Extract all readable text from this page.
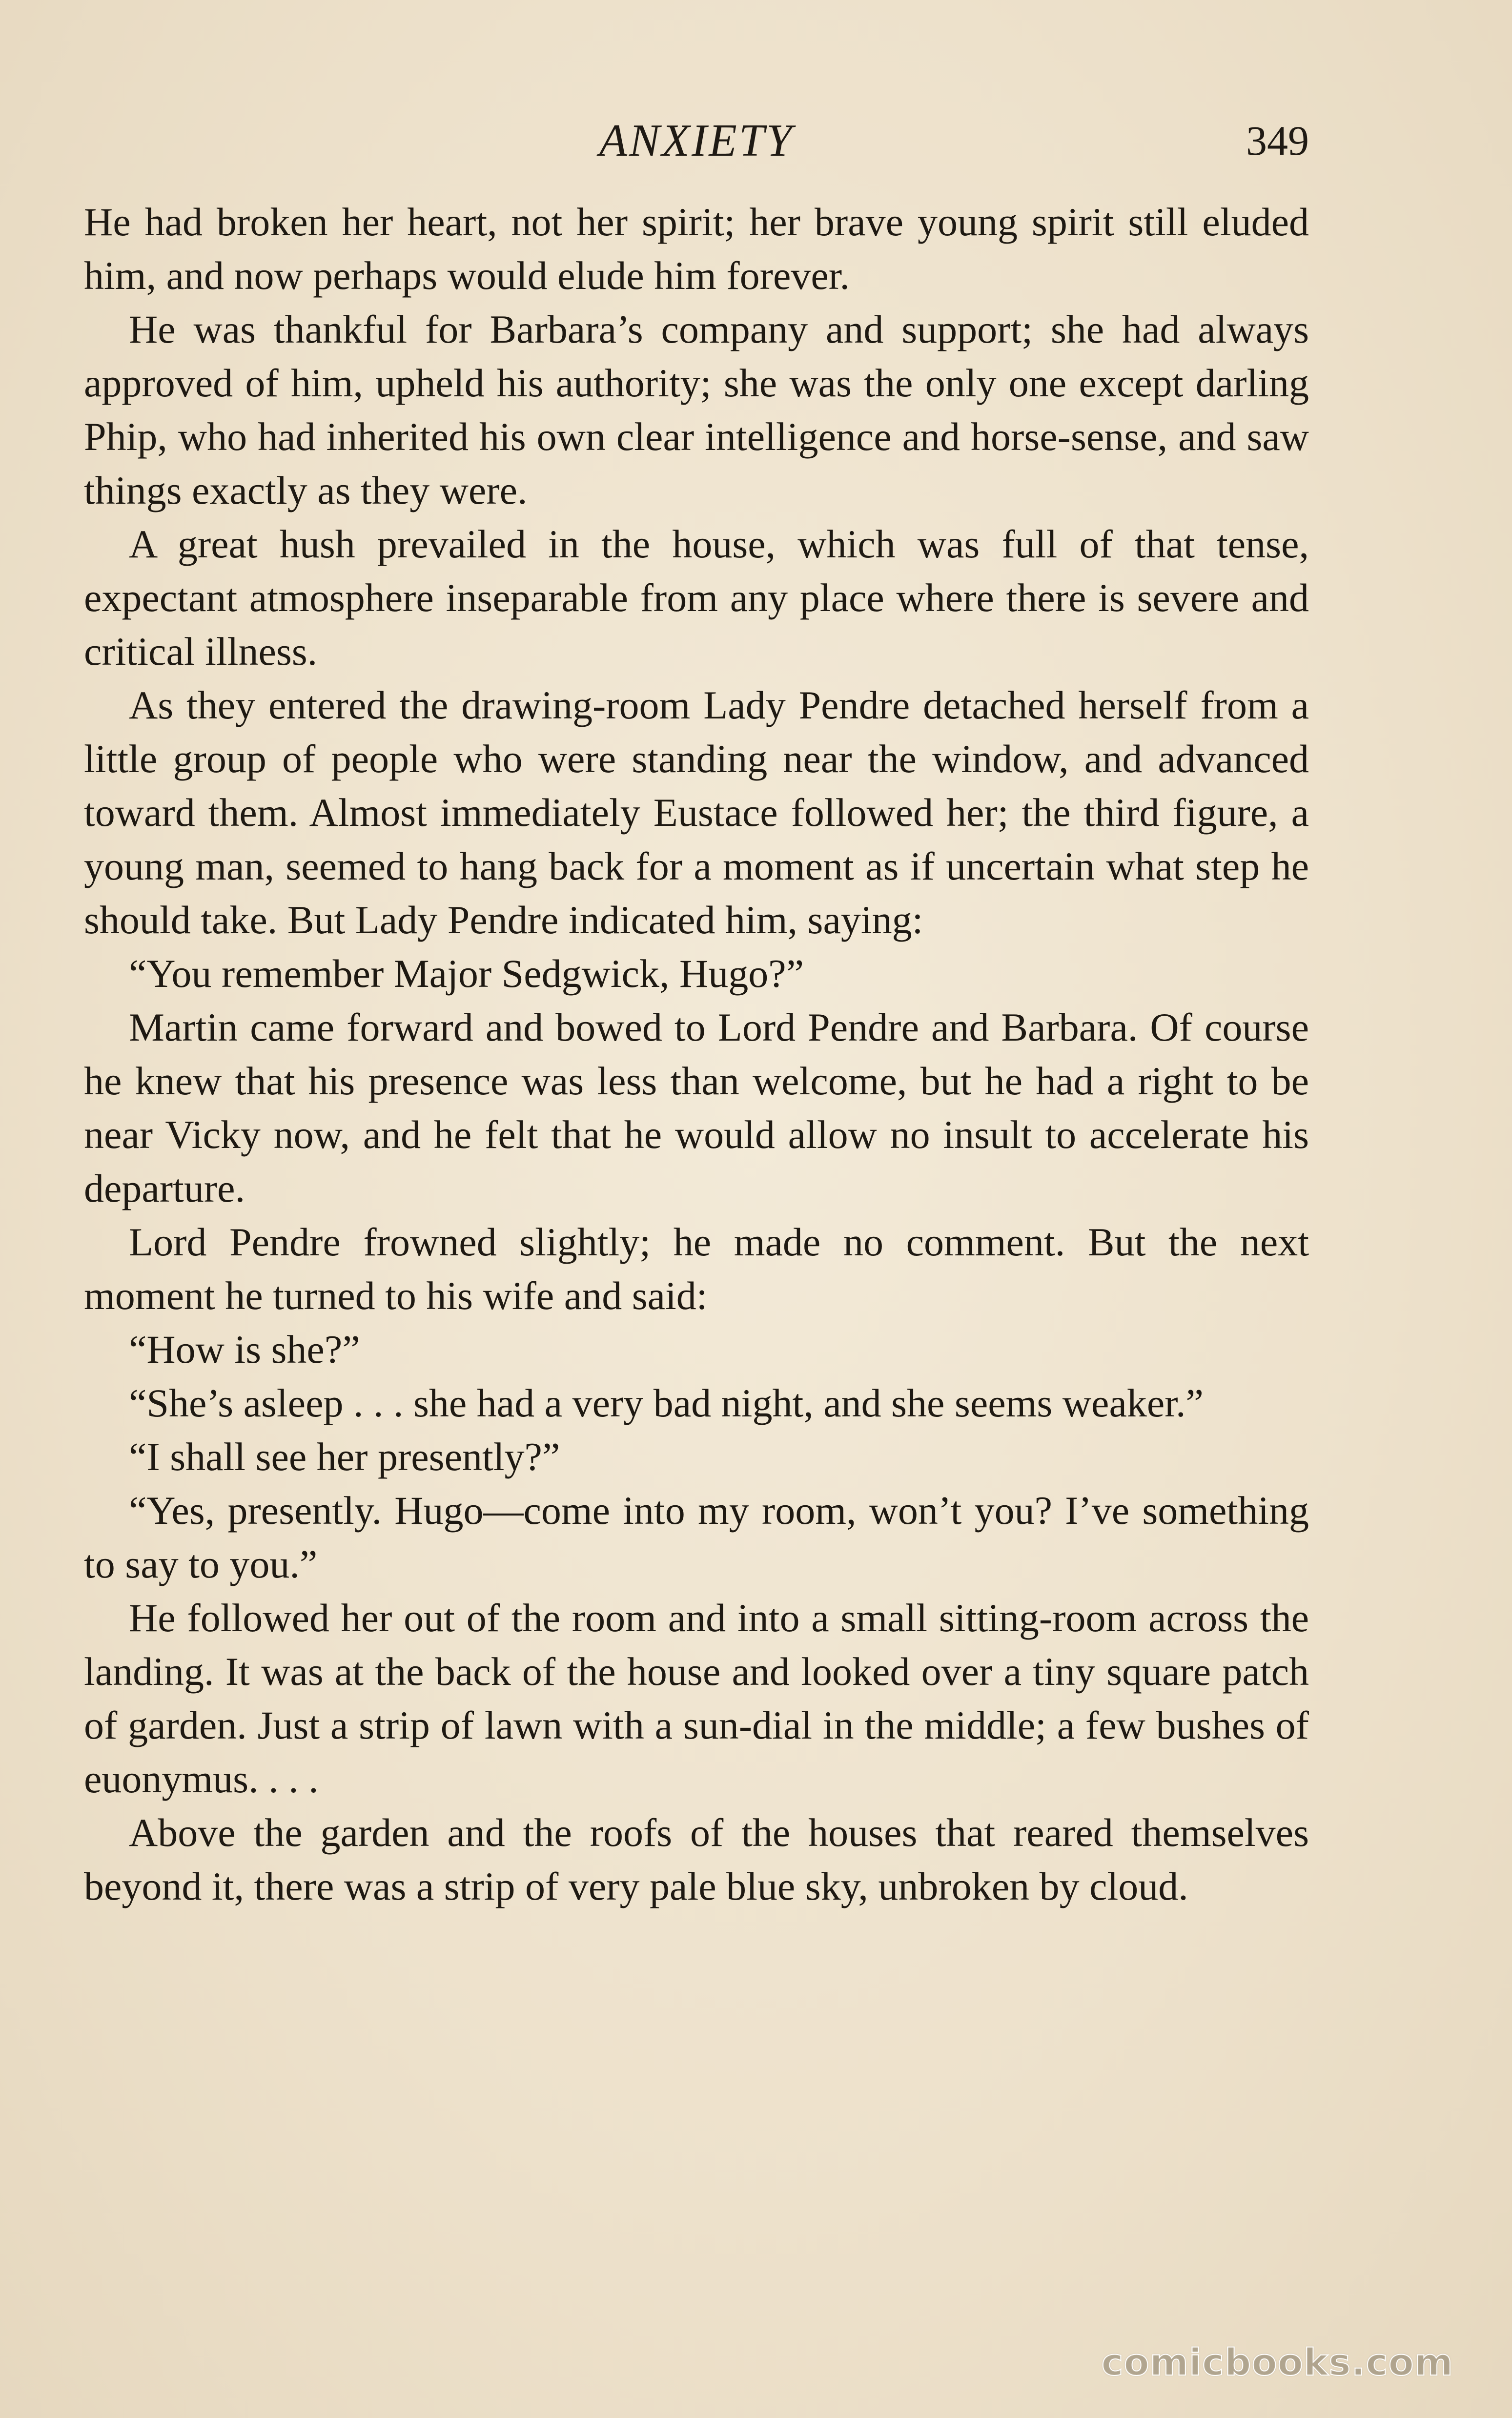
ANXIETY	349

He had broken her heart, not her spirit; her brave young spirit still eluded him, and now perhaps would elude him forever.

He was thankful for Barbara’s company and support; she had always approved of him, upheld his authority; she was the only one except darling Phip, who had inherited his own clear intelligence and horse-sense, and saw things exactly as they were.

A great hush prevailed in the house, which was full of that tense, expectant atmosphere inseparable from any place where there is severe and critical illness.

As they entered the drawing-room Lady Pendre detached herself from a little group of people who were standing near the window, and advanced toward them. Almost immediately Eustace followed her; the third figure, a young man, seemed to hang back for a moment as if uncertain what step he should take. But Lady Pendre indicated him, saying:

“You remember Major Sedgwick, Hugo?”

Martin came forward and bowed to Lord Pendre and Barbara. Of course he knew that his presence was less than welcome, but he had a right to be near Vicky now, and he felt that he would allow no insult to accelerate his departure.

Lord Pendre frowned slightly; he made no comment. But the next moment he turned to his wife and said:

“How is she?”

“She’s asleep . . . she had a very bad night, and she seems weaker.”

“I shall see her presently?”

“Yes, presently. Hugo—come into my room, won’t you? I’ve something to say to you.”

He followed her out of the room and into a small sitting-room across the landing. It was at the back of the house and looked over a tiny square patch of garden. Just a strip of lawn with a sun-dial in the middle; a few bushes of euonymus. . . .

Above the garden and the roofs of the houses that reared themselves beyond it, there was a strip of very pale blue sky, unbroken by cloud.

comicbooks.com
